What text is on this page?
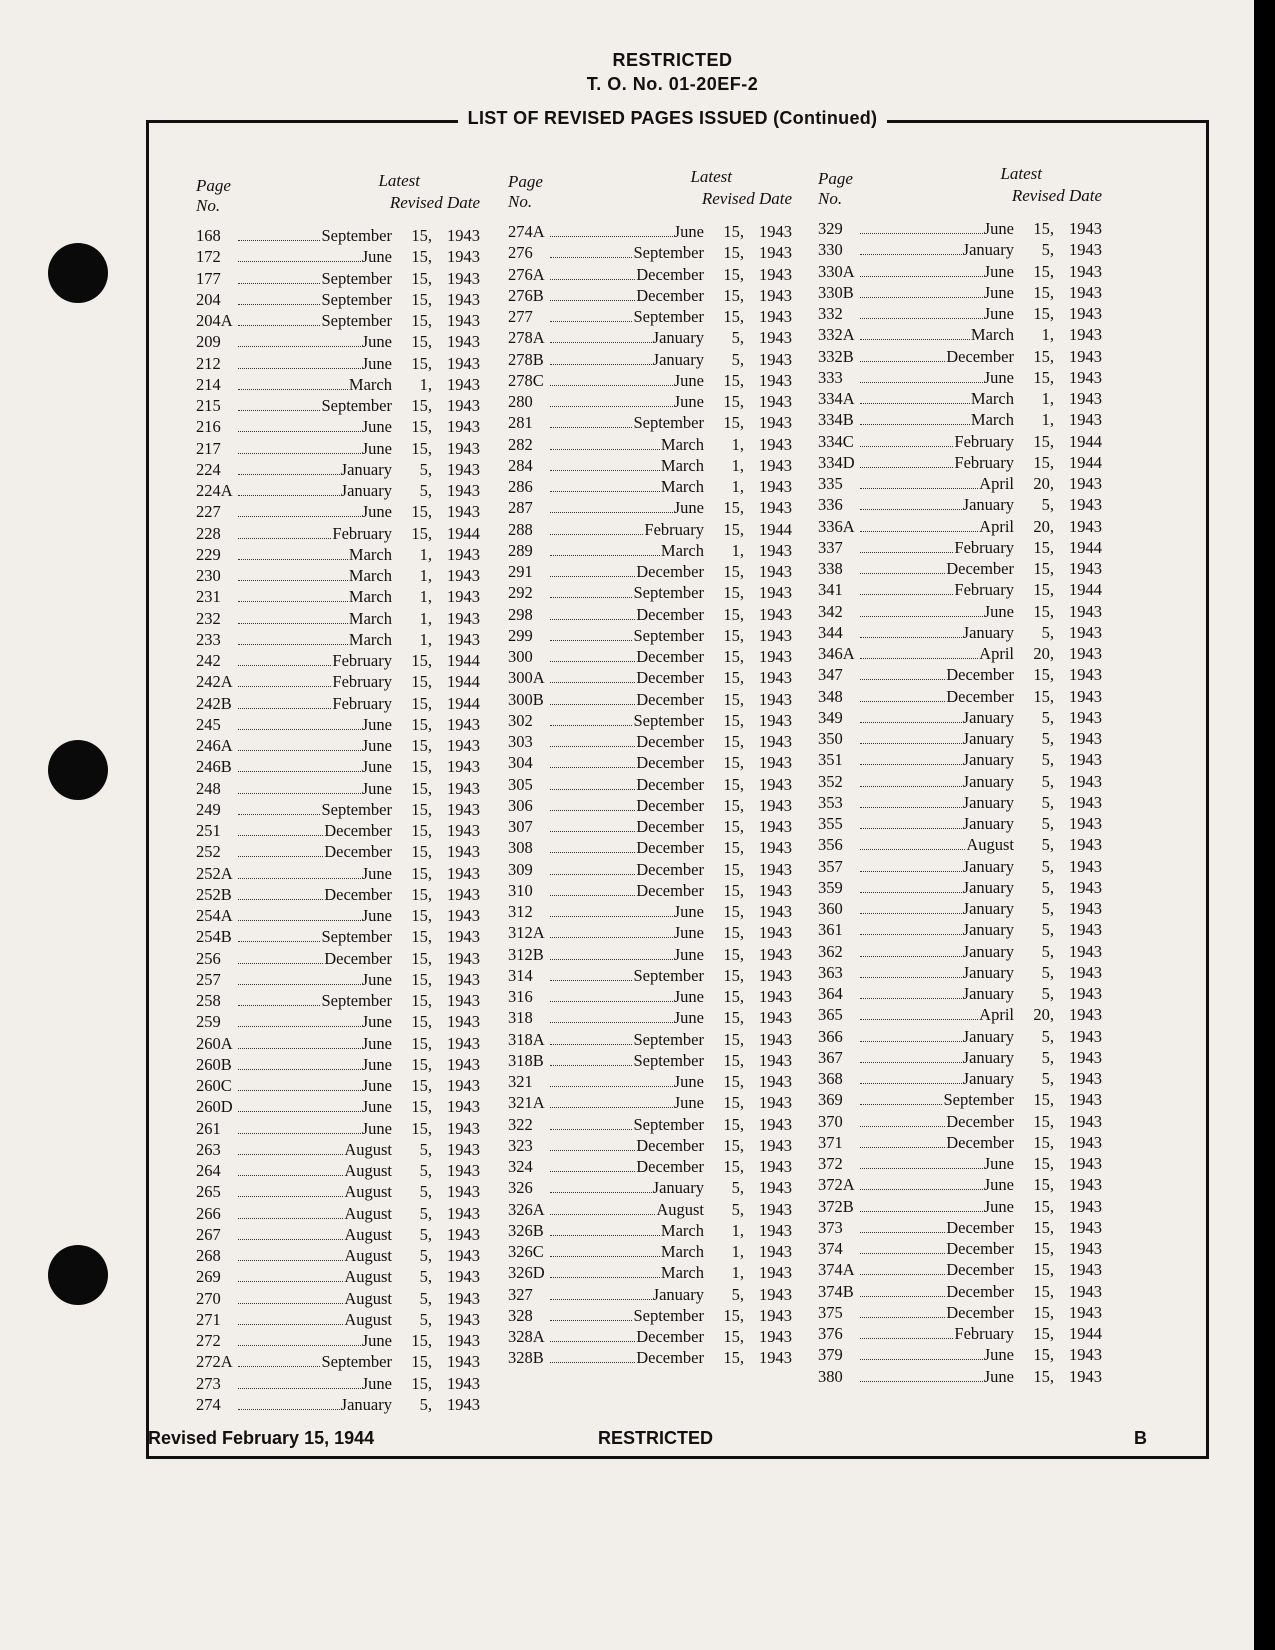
RESTRICTED
T. O. No. 01-20EF-2
LIST OF REVISED PAGES ISSUED (Continued)
Page
No.
Latest
Revised Date
168	September	15, 1943
172	June	15, 1943
177	September	15, 1943
204	September	15, 1943
204A	September	15, 1943
209	June	15, 1943
212	June	15, 1943
214	March	1, 1943
215	September	15, 1943
216	June	15, 1943
217	June	15, 1943
224	January	5, 1943
224A	January	5, 1943
227	June	15, 1943
228	February	15, 1944
229	March	1, 1943
230	March	1, 1943
231	March	1, 1943
232	March	1, 1943
233	March	1, 1943
242	February	15, 1944
242A	February	15, 1944
242B	February	15, 1944
245	June	15, 1943
246A	June	15, 1943
246B	June	15, 1943
248	June	15, 1943
249	September	15, 1943
251	December	15, 1943
252	December	15, 1943
252A	June	15, 1943
252B	December	15, 1943
254A	June	15, 1943
254B	September	15, 1943
256	December	15, 1943
257	June	15, 1943
258	September	15, 1943
259	June	15, 1943
260A	June	15, 1943
260B	June	15, 1943
260C	June	15, 1943
260D	June	15, 1943
261	June	15, 1943
263	August	5, 1943
264	August	5, 1943
265	August	5, 1943
266	August	5, 1943
267	August	5, 1943
268	August	5, 1943
269	August	5, 1943
270	August	5, 1943
271	August	5, 1943
272	June	15, 1943
272A	September	15, 1943
273	June	15, 1943
274	January	5, 1943
Page
No.
Latest
Revised Date
274A	June	15, 1943
276	September	15, 1943
276A	December	15, 1943
276B	December	15, 1943
277	September	15, 1943
278A	January	5, 1943
278B	January	5, 1943
278C	June	15, 1943
280	June	15, 1943
281	September	15, 1943
282	March	1, 1943
284	March	1, 1943
286	March	1, 1943
287	June	15, 1943
288	February	15, 1944
289	March	1, 1943
291	December	15, 1943
292	September	15, 1943
298	December	15, 1943
299	September	15, 1943
300	December	15, 1943
300A	December	15, 1943
300B	December	15, 1943
302	September	15, 1943
303	December	15, 1943
304	December	15, 1943
305	December	15, 1943
306	December	15, 1943
307	December	15, 1943
308	December	15, 1943
309	December	15, 1943
310	December	15, 1943
312	June	15, 1943
312A	June	15, 1943
312B	June	15, 1943
314	September	15, 1943
316	June	15, 1943
318	June	15, 1943
318A	September	15, 1943
318B	September	15, 1943
321	June	15, 1943
321A	June	15, 1943
322	September	15, 1943
323	December	15, 1943
324	December	15, 1943
326	January	5, 1943
326A	August	5, 1943
326B	March	1, 1943
326C	March	1, 1943
326D	March	1, 1943
327	January	5, 1943
328	September	15, 1943
328A	December	15, 1943
328B	December	15, 1943
Page
No.
Latest
Revised Date
329	June	15, 1943
330	January	5, 1943
330A	June	15, 1943
330B	June	15, 1943
332	June	15, 1943
332A	March	1, 1943
332B	December	15, 1943
333	June	15, 1943
334A	March	1, 1943
334B	March	1, 1943
334C	February	15, 1944
334D	February	15, 1944
335	April	20, 1943
336	January	5, 1943
336A	April	20, 1943
337	February	15, 1944
338	December	15, 1943
341	February	15, 1944
342	June	15, 1943
344	January	5, 1943
346A	April	20, 1943
347	December	15, 1943
348	December	15, 1943
349	January	5, 1943
350	January	5, 1943
351	January	5, 1943
352	January	5, 1943
353	January	5, 1943
355	January	5, 1943
356	August	5, 1943
357	January	5, 1943
359	January	5, 1943
360	January	5, 1943
361	January	5, 1943
362	January	5, 1943
363	January	5, 1943
364	January	5, 1943
365	April	20, 1943
366	January	5, 1943
367	January	5, 1943
368	January	5, 1943
369	September	15, 1943
370	December	15, 1943
371	December	15, 1943
372	June	15, 1943
372A	June	15, 1943
372B	June	15, 1943
373	December	15, 1943
374	December	15, 1943
374A	December	15, 1943
374B	December	15, 1943
375	December	15, 1943
376	February	15, 1944
379	June	15, 1943
380	June	15, 1943
Revised February 15, 1944	RESTRICTED	B
